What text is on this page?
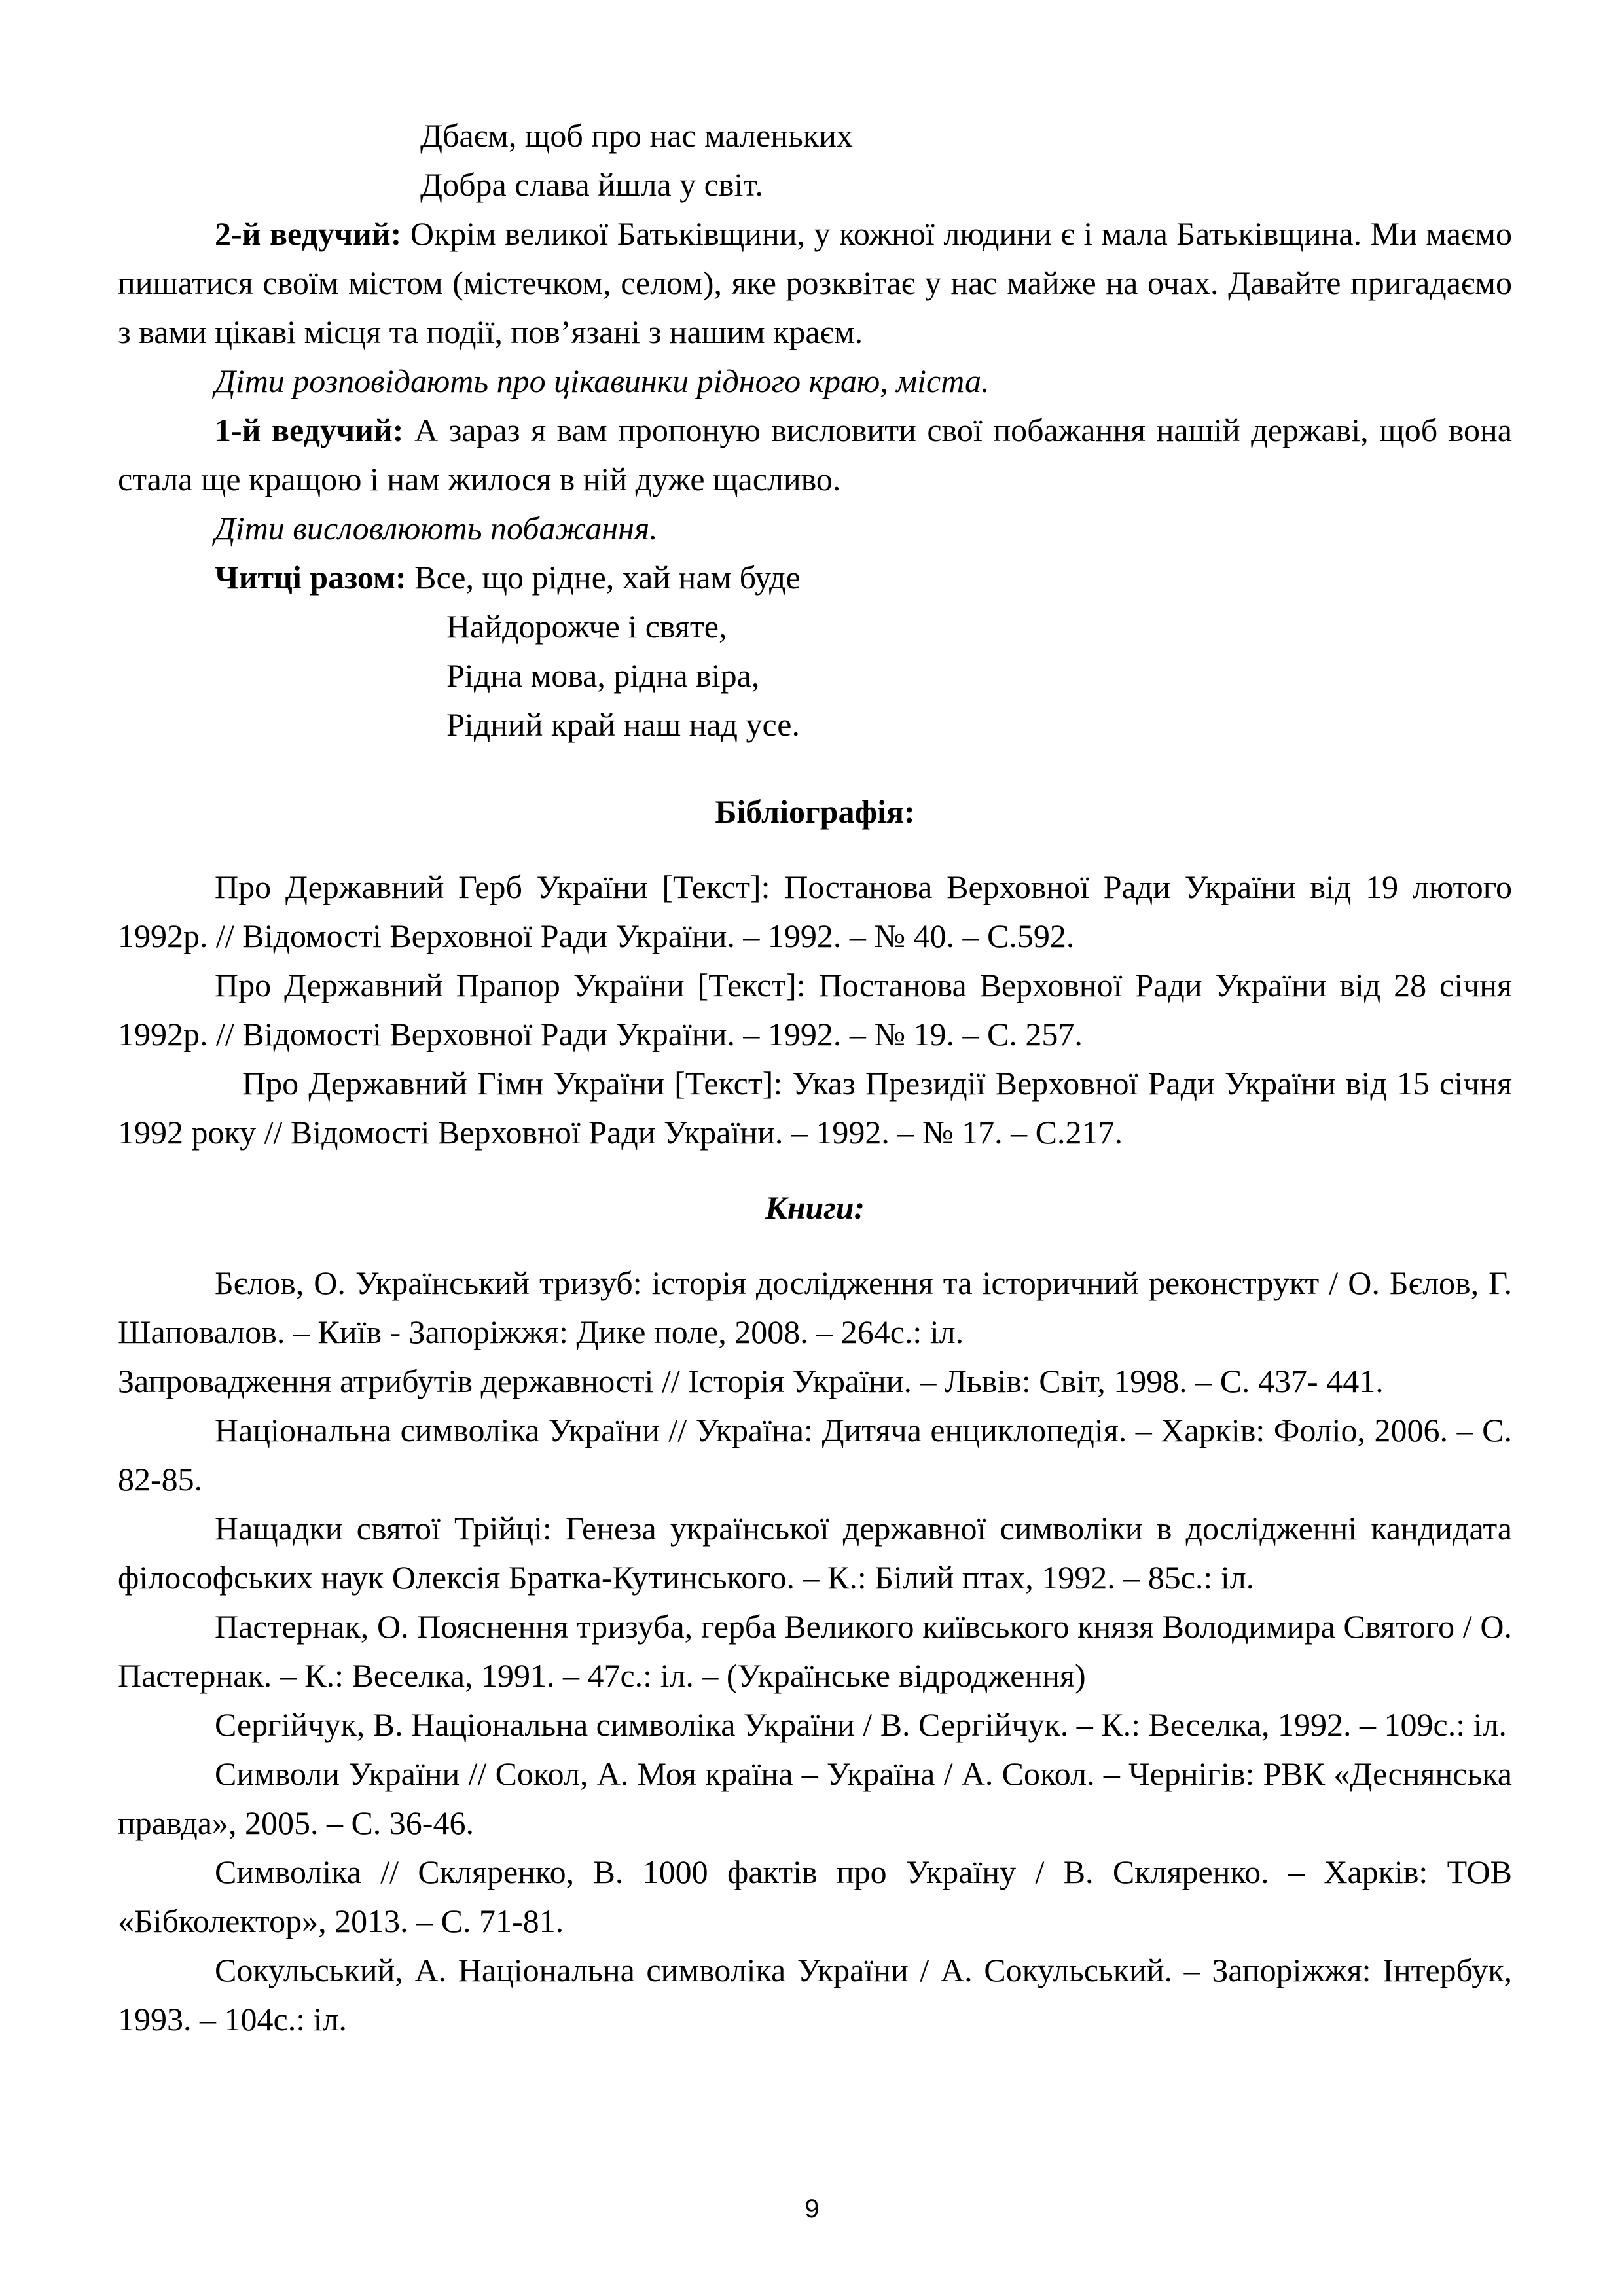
Дбаєм, щоб про нас маленьких
Добра слава йшла у світ.

2-й ведучий: Окрім великої Батьківщини, у кожної людини є і мала Батьківщина. Ми маємо пишатися своїм містом (містечком, селом), яке розквітає у нас майже на очах. Давайте пригадаємо з вами цікаві місця та події, пов’язані з нашим краєм.

Діти розповідають про цікавинки рідного краю, міста.

1-й ведучий: А зараз я вам пропоную висловити свої побажання нашій державі, щоб вона стала ще кращою і нам жилося в ній дуже щасливо.

Діти висловлюють побажання.
Читці разом: Все, що рідне, хай нам буде
Найдорожче і святе,
Рідна мова, рідна віра,
Рідний край наш над усе.

Бібліографія:

Про Державний Герб України [Текст]: Постанова Верховної Ради України від 19 лютого 1992р. // Відомості Верховної Ради України. – 1992. – № 40. – С.592.

Про Державний Прапор України [Текст]: Постанова Верховної Ради України від 28 січня 1992р. // Відомості Верховної Ради України. – 1992. – № 19. – С. 257.

Про Державний Гімн України [Текст]: Указ Президії Верховної Ради України від 15 січня 1992 року // Відомості Верховної Ради України. – 1992. – № 17. – С.217.

Книги:

Бєлов, О. Український тризуб: історія дослідження та історичний реконструкт / О. Бєлов, Г. Шаповалов. – Київ - Запоріжжя: Дике поле, 2008. – 264с.: іл.

Запровадження атрибутів державності // Історія України. – Львів: Світ, 1998. – С. 437- 441.

Національна символіка України // Україна: Дитяча енциклопедія. – Харків: Фоліо, 2006. – С. 82-85.

Нащадки святої Трійці: Генеза української державної символіки в дослідженні кандидата філософських наук Олексія Братка-Кутинського. – К.: Білий птах, 1992. – 85с.: іл.

Пастернак, О. Пояснення тризуба, герба Великого київського князя Володимира Святого / О. Пастернак. – К.: Веселка, 1991. – 47с.: іл. – (Українське відродження)

Сергійчук, В. Національна символіка України / В. Сергійчук. – К.: Веселка, 1992. – 109с.: іл.

Символи України // Сокол, А. Моя країна – Україна / А. Сокол. – Чернігів: РВК «Деснянська правда», 2005. – С. 36-46.

Символіка // Скляренко, В. 1000 фактів про Україну / В. Скляренко. – Харків: ТОВ «Бібколектор», 2013. – С. 71-81.

Сокульський, А. Національна символіка України / А. Сокульський. – Запоріжжя: Інтербук, 1993. – 104с.: іл.

9
